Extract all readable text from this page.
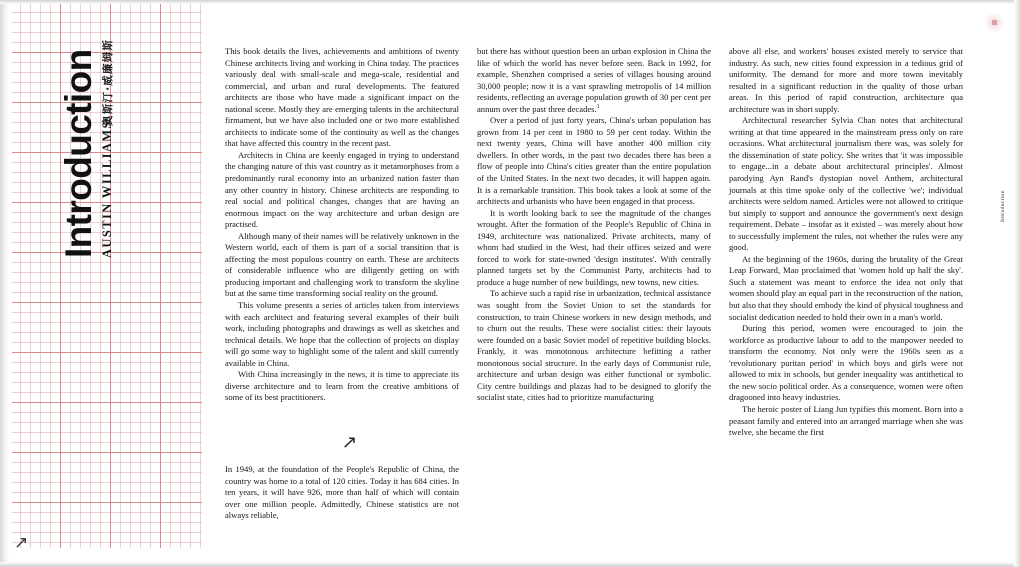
Introduction AUSTIN WILLIAMS
奥斯汀·威廉姆斯
↗

This book details the lives, achievements and ambitions of twenty Chinese architects living and working in China today. The practices variously deal with small-scale and mega-scale, residential and commercial, and urban and rural developments. The featured architects are those who have made a significant impact on the national scene. Mostly they are emerging talents in the architectural firmament, but we have also included one or two more established architects to indicate some of the continuity as well as the changes that have affected this country in the recent past.

Architects in China are keenly engaged in trying to understand the changing nature of this vast country as it metamorphoses from a predominantly rural economy into an urbanized nation faster than any other country in history. Chinese architects are responding to real social and political changes, changes that are having an enormous impact on the way architecture and urban design are practised.

Although many of their names will be relatively unknown in the Western world, each of them is part of a social transition that is affecting the most populous country on earth. These are architects of considerable influence who are diligently getting on with producing important and challenging work to transform the skyline but at the same time transforming social reality on the ground.

This volume presents a series of articles taken from interviews with each architect and featuring several examples of their built work, including photographs and drawings as well as sketches and technical details. We hope that the collection of projects on display will go some way to highlight some of the talent and skill currently available in China.

With China increasingly in the news, it is time to appreciate its diverse architecture and to learn from the creative ambitions of some of its best practitioners.

but there has without question been an urban explosion in China the like of which the world has never before seen. Back in 1992, for example, Shenzhen comprised a series of villages housing around 30,000 people; now it is a vast sprawling metropolis of 14 million residents, reflecting an average population growth of 30 per cent per annum over the past three decades.$^1$

Over a period of just forty years, China's urban population has grown from 14 per cent in 1980 to 59 per cent today. Within the next twenty years, China will have another 400 million city dwellers. In other words, in the past two decades there has been a flow of people into China's cities greater than the entire population of the United States. In the next two decades, it will happen again. It is a remarkable transition. This book takes a look at some of the architects and urbanists who have been engaged in that process.

It is worth looking back to see the magnitude of the changes wrought. After the formation of the People's Republic of China in 1949, architecture was nationalized. Private architects, many of whom had studied in the West, had their offices seized and were forced to work for state-owned 'design institutes'. With centrally planned targets set by the Communist Party, architects had to produce a huge number of new buildings, new towns, new cities.

To achieve such a rapid rise in urbanization, technical assistance was sought from the Soviet Union to set the standards for construction, to train Chinese workers in new design methods, and to churn out the results. These were socialist cities: their layouts were founded on a basic Soviet model of repetitive building blocks. Frankly, it was monotonous architecture befitting a rather monotonous social structure. In the early days of Communist rule, architecture and urban design was either functional or symbolic. City centre buildings and plazas had to be designed to glorify the socialist state, cities had to prioritize manufacturing

above all else, and workers' houses existed merely to service that industry. As such, new cities found expression in a tedious grid of uniformity. The demand for more and more towns inevitably resulted in a significant reduction in the quality of those urban areas. In this period of rapid construction, architecture qua architecture was in short supply.

Architectural researcher Sylvia Chan notes that architectural writing at that time appeared in the mainstream press only on rare occasions. What architectural journalism there was, was solely for the dissemination of state policy. She writes that 'it was impossible to engage...in a debate about architectural principles'. Almost parodying Ayn Rand's dystopian novel Anthem, architectural journals at this time spoke only of the collective 'we'; individual architects were seldom named. Articles were not allowed to critique but simply to support and announce the government's next design requirement. Debate – insofar as it existed – was merely about how to successfully implement the rules, not whether the rules were any good.

At the beginning of the 1960s, during the brutality of the Great Leap Forward, Mao proclaimed that 'women hold up half the sky'. Such a statement was meant to enforce the idea not only that women should play an equal part in the reconstruction of the nation, but also that they should embody the kind of physical toughness and socialist dedication needed to hold their own in a man's world.

During this period, women were encouraged to join the workforce as productive labour to add to the manpower needed to transform the economy. Not only were the 1960s seen as a 'revolutionary puritan period' in which boys and girls were not allowed to mix in schools, but gender inequality was antithetical to the new socio political order. As a consequence, women were often dragooned into heavy industries.

The heroic poster of Liang Jun typifies this moment. Born into a peasant family and entered into an arranged marriage when she was twelve, she became the first

↗

In 1949, at the foundation of the People's Republic of China, the country was home to a total of 120 cities. Today it has 684 cities. In ten years, it will have 926, more than half of which will contain over one million people. Admittedly, Chinese statistics are not always reliable,

Introduction
